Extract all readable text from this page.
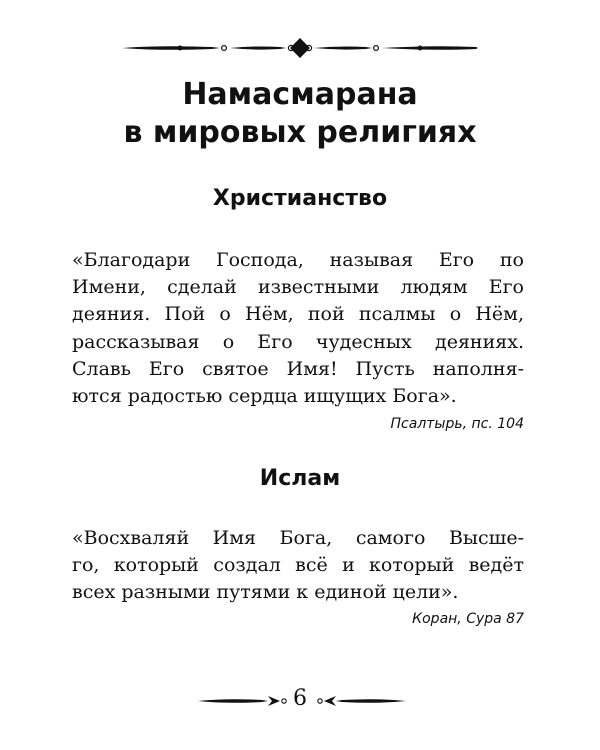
Намасмарана
в мировых религиях
Христианство
«Благодари Господа, называя Его по
Имени, сделай известными людям Его
деяния. Пой о Нём, пой псалмы о Нём,
рассказывая о Его чудесных деяниях.
Славь Его святое Имя! Пусть наполня-
ются радостью сердца ищущих Бога».
Псалтырь, пс. 104
Ислам
«Восхваляй Имя Бога, самого Высше-
го, который создал всё и который ведёт
всех разными путями к единой цели».
Коран, Сура 87
6
